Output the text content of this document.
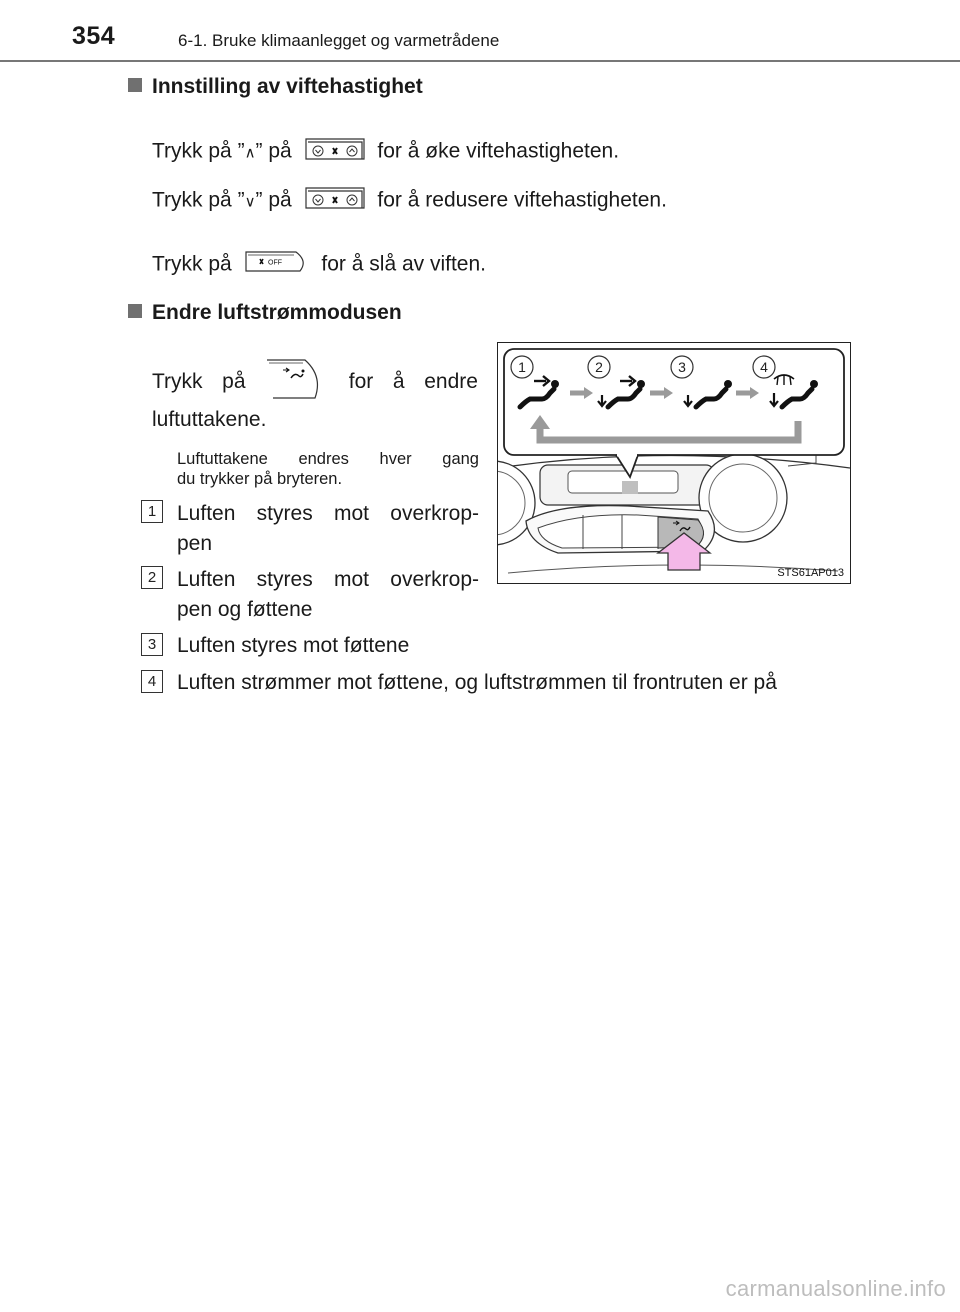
354	6-1. Bruke klimaanlegget og varmetrådene
Innstilling av viftehastighet
Trykk på ”∧” på	for å øke viftehastigheten.
Trykk på ”∨” på	for å redusere viftehastigheten.
Trykk på	OFF for å slå av viften.
Endre luftstrømmodusen
Trykk på	for å endre
luftuttakene.
Luftuttakene endres hver gang
du trykker på bryteren.
1 Luften styres mot overkrop-
pen
2 Luften styres mot overkrop-
pen og føttene
3 Luften styres mot føttene
4 Luften strømmer mot føttene, og luftstrømmen til frontruten er på
1	2	3	4
STS61AP013
carmanualsonline.info
